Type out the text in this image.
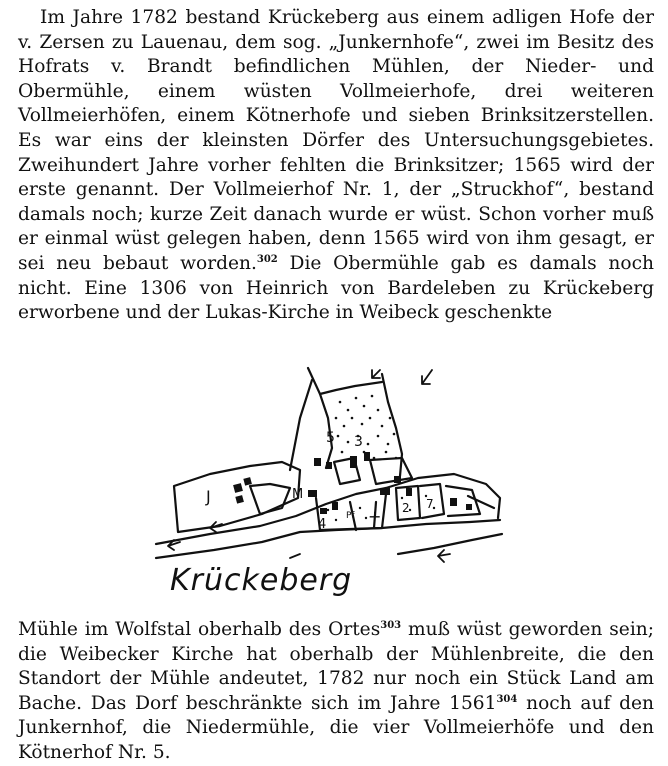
Im Jahre 1782 bestand Krückeberg aus einem adligen Hofe der v. Zersen zu Lauenau, dem sog. „Junkernhofe“, zwei im Besitz des Hofrats v. Brandt befindlichen Mühlen, der Nieder- und Obermühle, einem wüsten Vollmeierhofe, drei weiteren Vollmeierhöfen, einem Kötnerhofe und sieben Brinksitzerstellen. Es war eins der kleinsten Dörfer des Untersuchungsgebietes. Zweihundert Jahre vorher fehlten die Brinksitzer; 1565 wird der erste genannt. Der Vollmeierhof Nr. 1, der „Struckhof“, bestand damals noch; kurze Zeit danach wurde er wüst. Schon vorher muß er einmal wüst gelegen haben, denn 1565 wird von ihm gesagt, er sei neu bebaut worden.$^{302}$ Die Obermühle gab es damals noch nicht. Eine 1306 von Heinrich von Bardeleben zu Krückeberg erworbene und der Lukas-Kirche in Weibeck geschenkte

5 3
J	M
4
Pf + 2 7
Krückeberg

Mühle im Wolfstal oberhalb des Ortes$^{303}$ muß wüst geworden sein; die Weibecker Kirche hat oberhalb der Mühlenbreite, die den Standort der Mühle andeutet, 1782 nur noch ein Stück Land am Bache. Das Dorf beschränkte sich im Jahre 1561$^{304}$ noch auf den Junkernhof, die Niedermühle, die vier Vollmeierhöfe und den Kötnerhof Nr. 5.
